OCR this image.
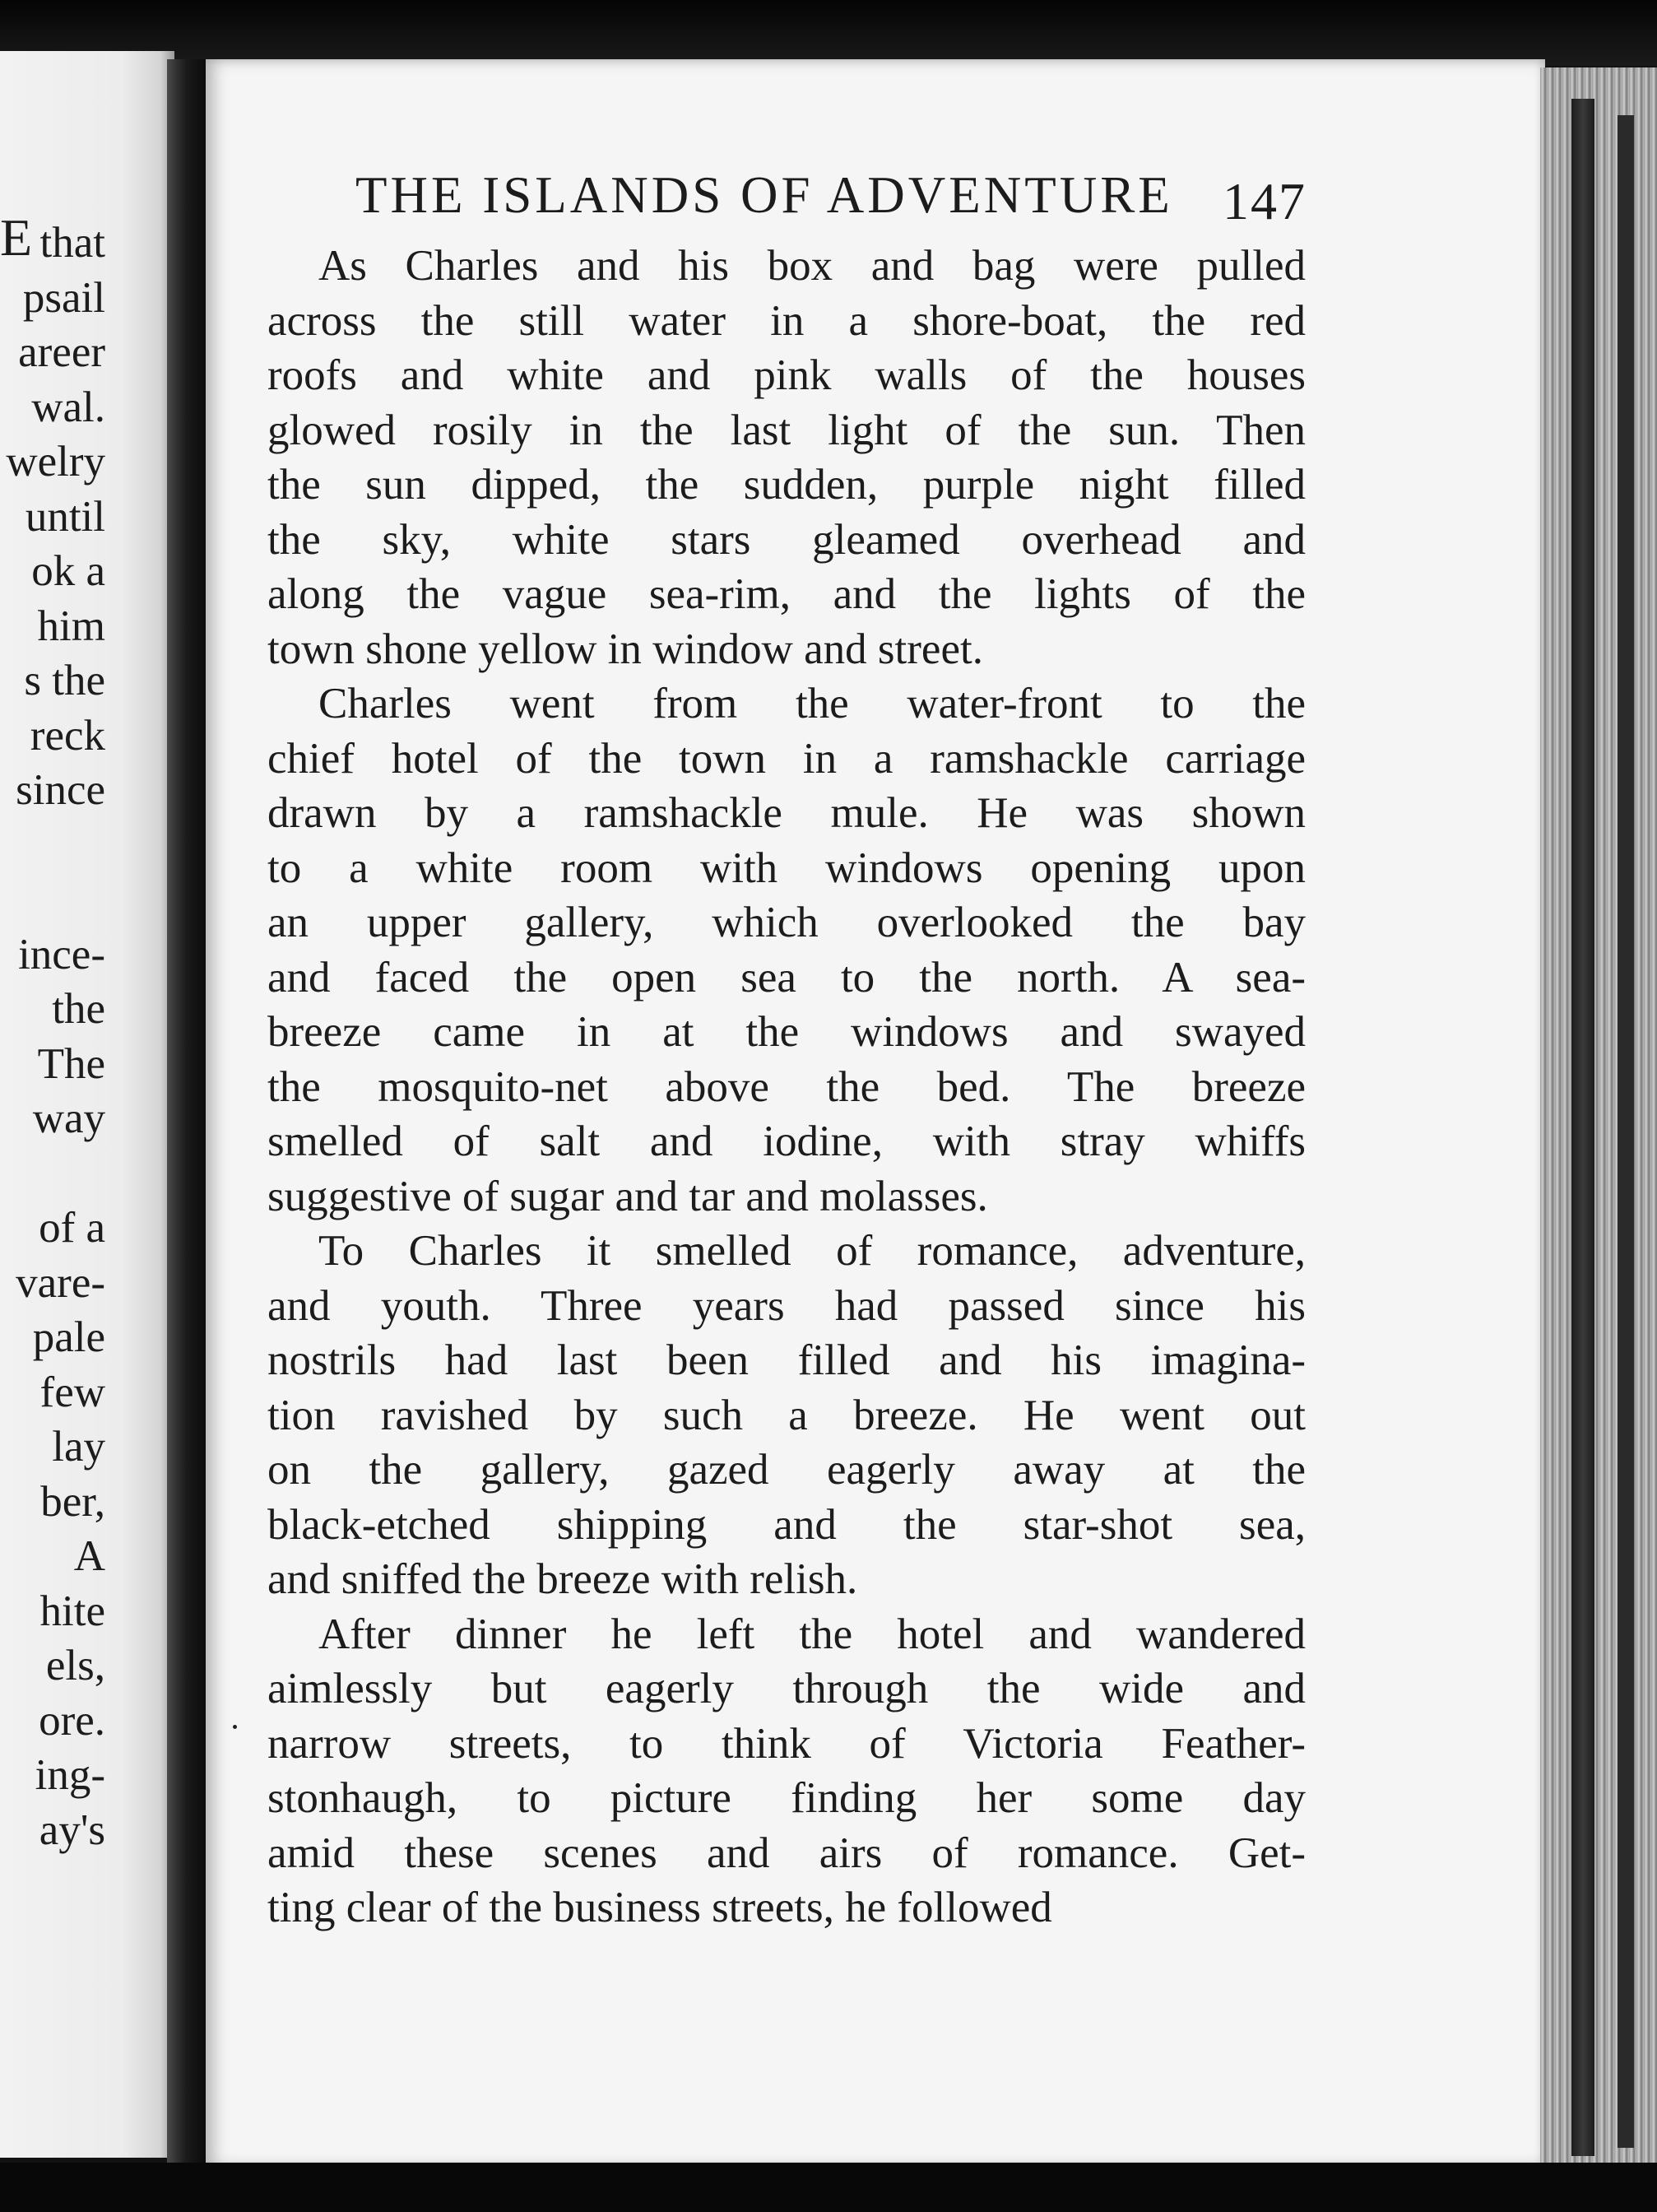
E that
psail
areer
wal.
welry
until
ok a
him
s the
reck
since
ince-
the
The
way
of a
vare-
pale
few
lay
ber,
A
hite
els,
ore.
ing-
ay's
THE ISLANDS OF ADVENTURE 147
As Charles and his box and bag were pulled
across the still water in a shore-boat, the red
roofs and white and pink walls of the houses
glowed rosily in the last light of the sun. Then
the sun dipped, the sudden, purple night filled
the sky, white stars gleamed overhead and
along the vague sea-rim, and the lights of the
town shone yellow in window and street.
Charles went from the water-front to the
chief hotel of the town in a ramshackle carriage
drawn by a ramshackle mule. He was shown
to a white room with windows opening upon
an upper gallery, which overlooked the bay
and faced the open sea to the north. A sea-
breeze came in at the windows and swayed
the mosquito-net above the bed. The breeze
smelled of salt and iodine, with stray whiffs
suggestive of sugar and tar and molasses.
To Charles it smelled of romance, adventure,
and youth. Three years had passed since his
nostrils had last been filled and his imagina-
tion ravished by such a breeze. He went out
on the gallery, gazed eagerly away at the
black-etched shipping and the star-shot sea,
and sniffed the breeze with relish.
After dinner he left the hotel and wandered
aimlessly but eagerly through the wide and
narrow streets, to think of Victoria Feather-
stonhaugh, to picture finding her some day
amid these scenes and airs of romance. Get-
ting clear of the business streets, he followed
